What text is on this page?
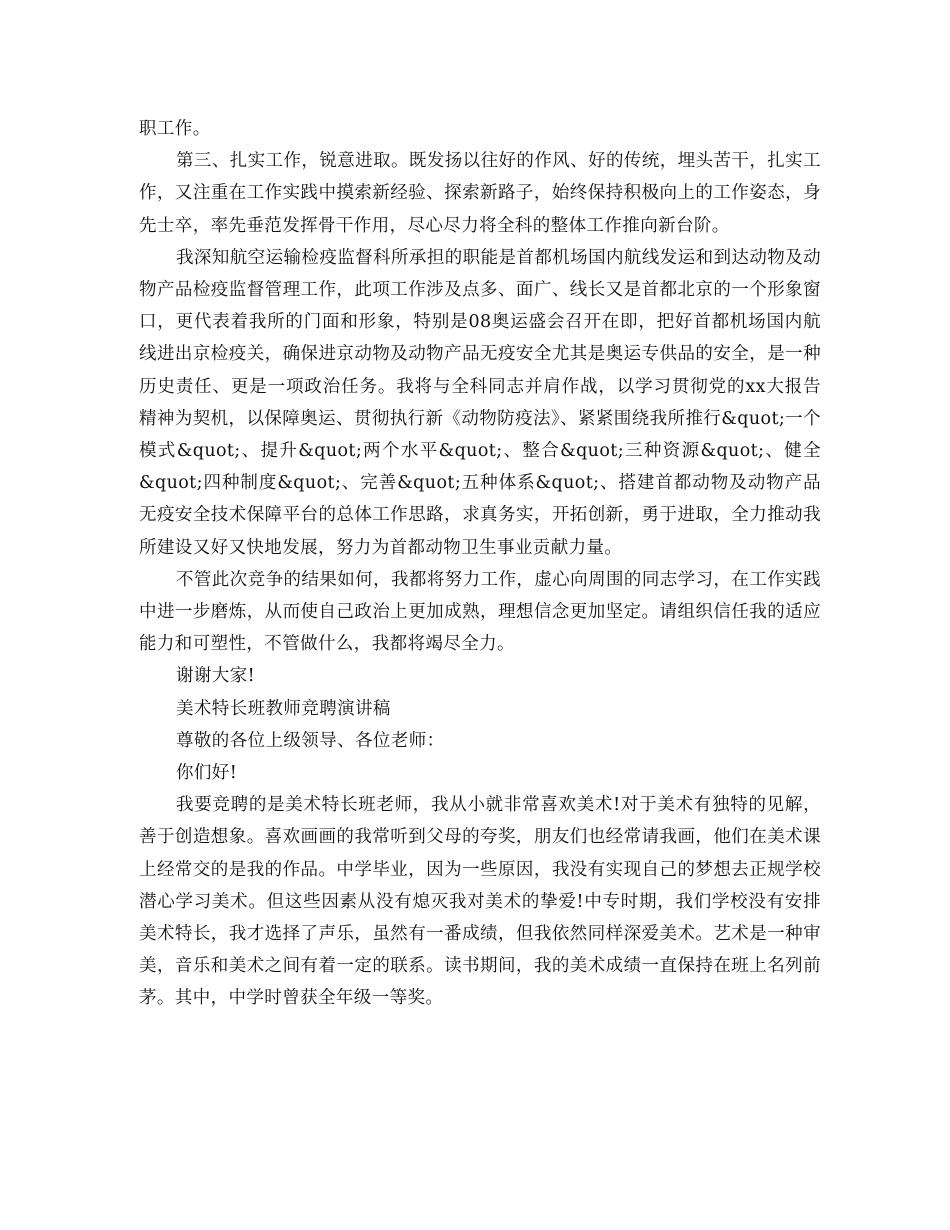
职工作。

第三、扎实工作，锐意进取。既发扬以往好的作风、好的传统，埋头苦干，扎实工作，又注重在工作实践中摸索新经验、探索新路子，始终保持积极向上的工作姿态，身先士卒，率先垂范发挥骨干作用，尽心尽力将全科的整体工作推向新台阶。

我深知航空运输检疫监督科所承担的职能是首都机场国内航线发运和到达动物及动物产品检疫监督管理工作，此项工作涉及点多、面广、线长又是首都北京的一个形象窗口，更代表着我所的门面和形象，特别是08奥运盛会召开在即，把好首都机场国内航线进出京检疫关，确保进京动物及动物产品无疫安全尤其是奥运专供品的安全，是一种历史责任、更是一项政治任务。我将与全科同志并肩作战，以学习贯彻党的xx大报告精神为契机，以保障奥运、贯彻执行新《动物防疫法》、紧紧围绕我所推行&quot;一个模式&quot;、提升&quot;两个水平&quot;、整合&quot;三种资源&quot;、健全&quot;四种制度&quot;、完善&quot;五种体系&quot;、搭建首都动物及动物产品无疫安全技术保障平台的总体工作思路，求真务实，开拓创新，勇于进取，全力推动我所建设又好又快地发展，努力为首都动物卫生事业贡献力量。

不管此次竞争的结果如何，我都将努力工作，虚心向周围的同志学习，在工作实践中进一步磨炼，从而使自己政治上更加成熟，理想信念更加坚定。请组织信任我的适应能力和可塑性，不管做什么，我都将竭尽全力。

谢谢大家!

美术特长班教师竞聘演讲稿

尊敬的各位上级领导、各位老师：

你们好!

我要竞聘的是美术特长班老师，我从小就非常喜欢美术!对于美术有独特的见解，善于创造想象。喜欢画画的我常听到父母的夸奖，朋友们也经常请我画，他们在美术课上经常交的是我的作品。中学毕业，因为一些原因，我没有实现自己的梦想去正规学校潜心学习美术。但这些因素从没有熄灭我对美术的挚爱!中专时期，我们学校没有安排美术特长，我才选择了声乐，虽然有一番成绩，但我依然同样深爱美术。艺术是一种审美，音乐和美术之间有着一定的联系。读书期间，我的美术成绩一直保持在班上名列前茅。其中，中学时曾获全年级一等奖。
